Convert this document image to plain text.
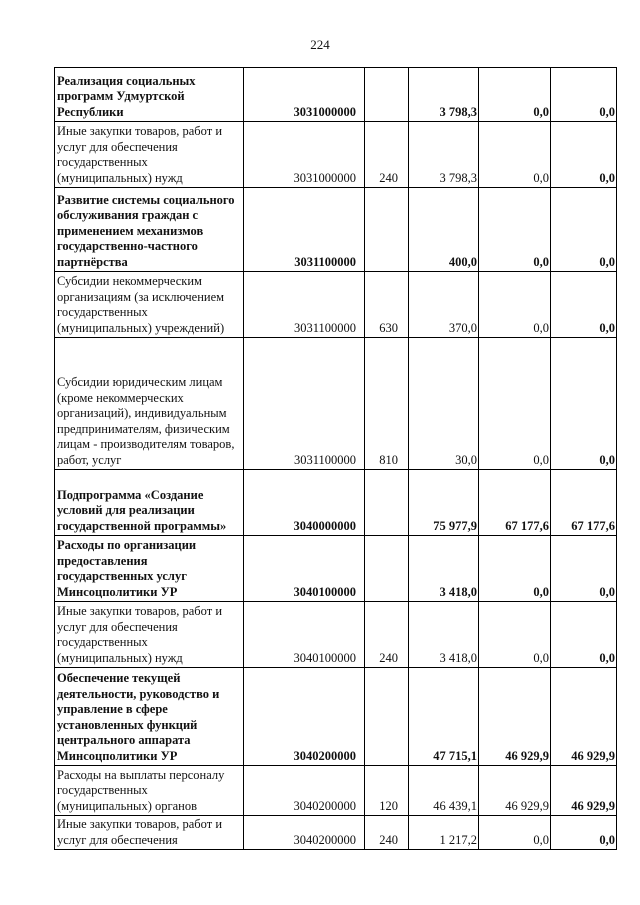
224
Реализация социальных программ Удмуртской Республики	3031000000		3 798,3	0,0	0,0
Иные закупки товаров, работ и услуг для обеспечения государственных (муниципальных) нужд	3031000000	240	3 798,3	0,0	0,0
Развитие системы социального обслуживания граждан с применением механизмов государственно-частного партнёрства	3031100000		400,0	0,0	0,0
Субсидии некоммерческим организациям (за исключением государственных (муниципальных) учреждений)	3031100000	630	370,0	0,0	0,0
Субсидии юридическим лицам (кроме некоммерческих организаций), индивидуальным предпринимателям, физическим лицам - производителям товаров, работ, услуг	3031100000	810	30,0	0,0	0,0
Подпрограмма «Создание условий для реализации государственной программы»	3040000000		75 977,9	67 177,6	67 177,6
Расходы по организации предоставления государственных услуг Минсоцполитики УР	3040100000		3 418,0	0,0	0,0
Иные закупки товаров, работ и услуг для обеспечения государственных (муниципальных) нужд	3040100000	240	3 418,0	0,0	0,0
Обеспечение текущей деятельности, руководство и управление в сфере установленных функций центрального аппарата Минсоцполитики УР	3040200000		47 715,1	46 929,9	46 929,9
Расходы на выплаты персоналу государственных (муниципальных) органов	3040200000	120	46 439,1	46 929,9	46 929,9
Иные закупки товаров, работ и услуг для обеспечения	3040200000	240	1 217,2	0,0	0,0
